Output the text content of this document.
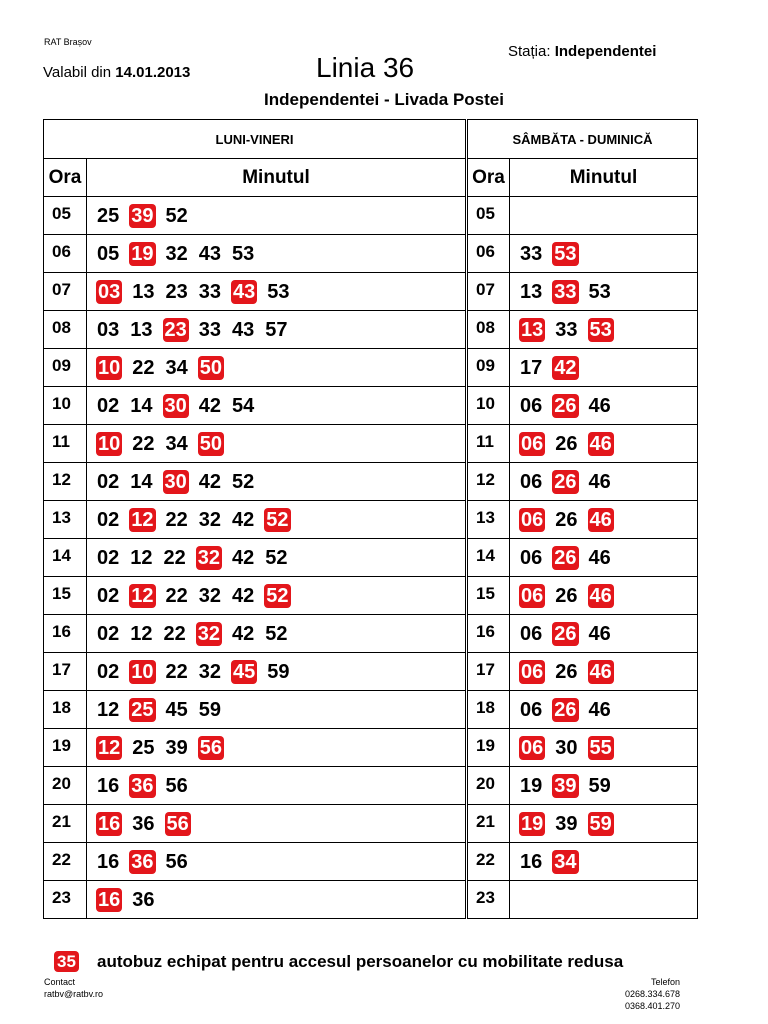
RAT Brașov
Valabil din 14.01.2013	Linia 36
Stația: Independentei
Independentei - Livada Postei
LUNI-VINERI		SÂMBĂTA - DUMINICĂ	
Ora	Minutul	Ora	Minutul
05	25 39 52	05	
06	05 19 32 43 53	06	33 53
07	03 13 23 33 43 53	07	13 33 53
08	03 13 23 33 43 57	08	13 33 53
09	10 22 34 50	09	17 42
10	02 14 30 42 54	10	06 26 46
11	10 22 34 50	11	06 26 46
12	02 14 30 42 52	12	06 26 46
13	02 12 22 32 42 52	13	06 26 46
14	02 12 22 32 42 52	14	06 26 46
15	02 12 22 32 42 52	15	06 26 46
16	02 12 22 32 42 52	16	06 26 46
17	02 10 22 32 45 59	17	06 26 46
18	12 25 45 59	18	06 26 46
19	12 25 39 56	19	06 30 55
20	16 36 56	20	19 39 59
21	16 36 56	21	19 39 59
22	16 36 56	22	16 34
23	16 36	23	
35 autobuz echipat pentru accesul persoanelor cu mobilitate redusa
Contact
ratbv@ratbv.ro
Telefon
0268.334.678
0368.401.270
